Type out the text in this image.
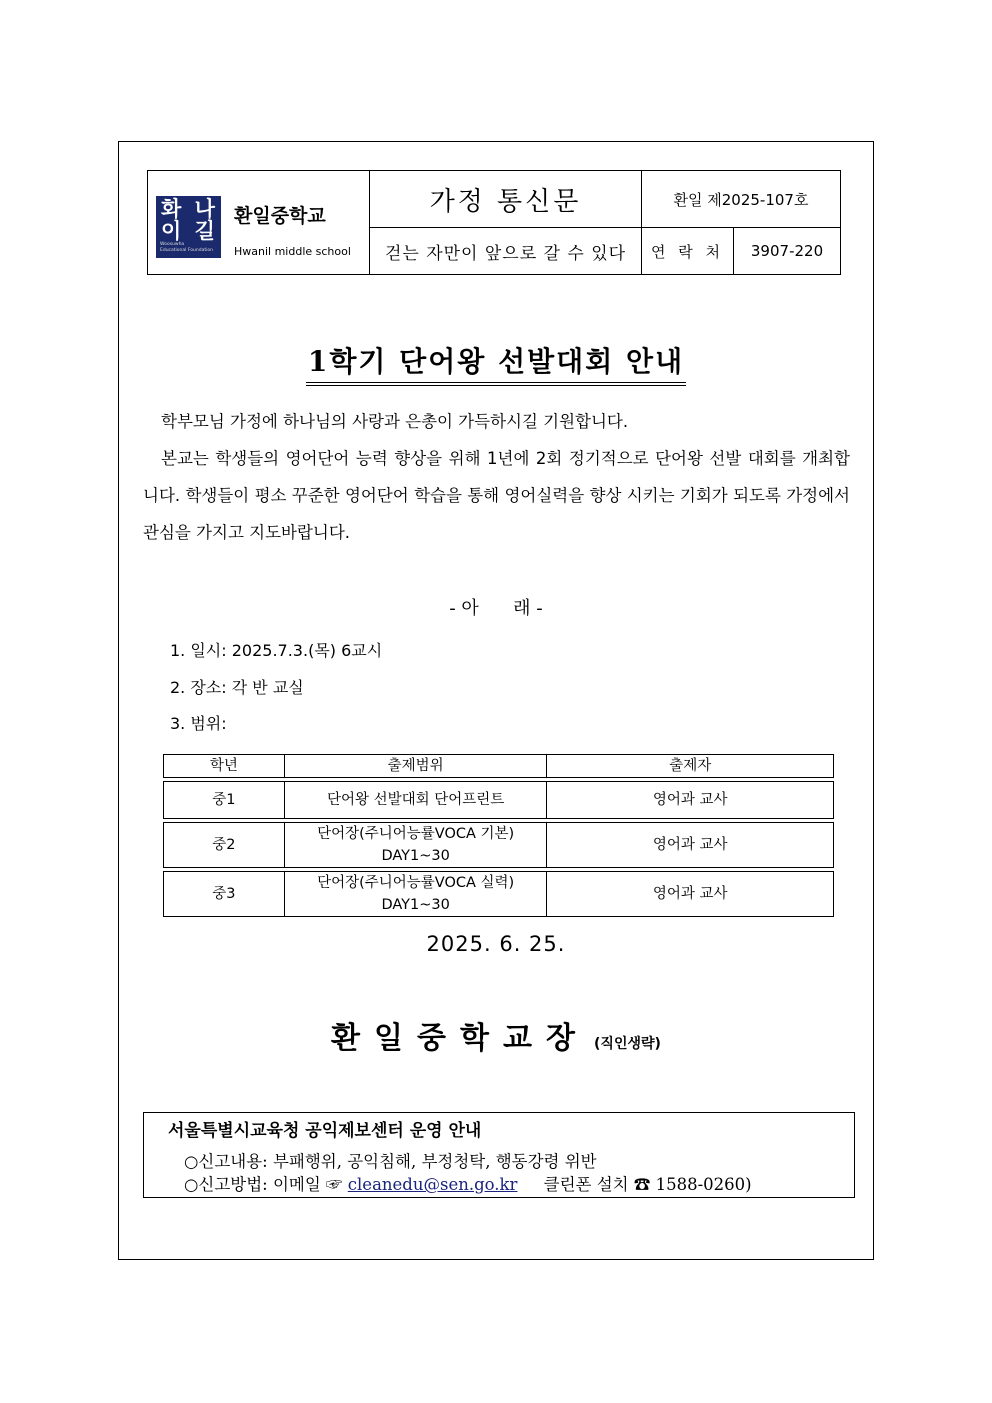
화 나
이 길
Woosuwha
Educational Foundation
환일중학교
Hwanil middle school
가정 통신문	환일 제2025-107호
걷는 자만이 앞으로 갈 수 있다	연 락 처	3907-220
1학기 단어왕 선발대회 안내
학부모님 가정에 하나님의 사랑과 은총이 가득하시길 기원합니다.
본교는 학생들의 영어단어 능력 향상을 위해 1년에 2회 정기적으로 단어왕 선발 대회를 개최합니다. 학생들이 평소 꾸준한 영어단어 학습을 통해 영어실력을 향상 시키는 기회가 되도록 가정에서 관심을 가지고 지도바랍니다.
- 아      래 -
1. 일시: 2025.7.3.(목) 6교시
2. 장소: 각 반 교실
3. 범위:
학년	출제범위	출제자

중1	단어왕 선발대회 단어프린트	영어과 교사

중2	단어장(주니어능률VOCA 기본)
DAY1~30	영어과 교사

중3	단어장(주니어능률VOCA 실력)
DAY1~30	영어과 교사
2025. 6. 25.
환일중학교장 (직인생략)
서울특별시교육청 공익제보센터 운영 안내
○신고내용: 부패행위, 공익침해, 부정청탁, 행동강령 위반
○신고방법: 이메일 ☞ cleanedu@sen.go.kr 클린폰 설치 ☎ 1588-0260)
